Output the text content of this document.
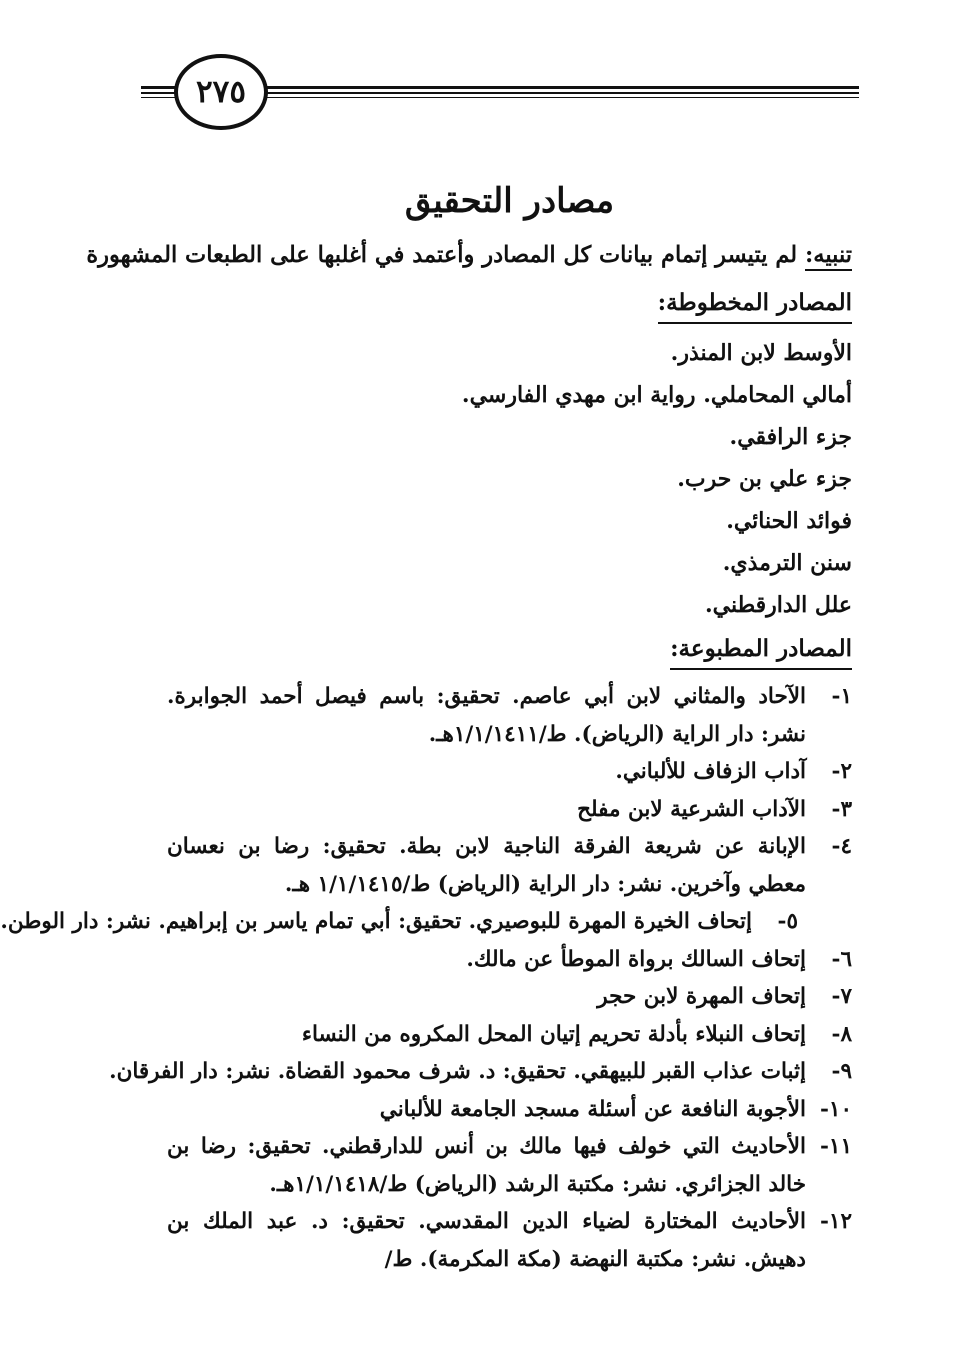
٢٧٥
مصادر التحقيق

تنبيه: لم يتيسر إتمام بيانات كل المصادر وأعتمد في أغلبها على الطبعات المشهورة

المصادر المخطوطة:
الأوسط لابن المنذر.
أمالي المحاملي. رواية ابن مهدي الفارسي.
جزء الرافقي.
جزء علي بن حرب.
فوائد الحنائي.
سنن الترمذي.
علل الدارقطني.
المصادر المطبوعة:
١-
الآحاد والمثاني لابن أبي عاصم. تحقيق: باسم فيصل أحمد الجوابرة. نشر: دار الراية (الرياض). ط/١/١/١٤١١هـ.
٢-
آداب الزفاف للألباني.
٣-
الآداب الشرعية لابن مفلح
٤-
الإبانة عن شريعة الفرقة الناجية لابن بطة. تحقيق: رضا بن نعسان معطي وآخرين. نشر: دار الراية (الرياض) ط/١/١/١٤١٥ هـ.
٥-
إتحاف الخيرة المهرة للبوصيري. تحقيق: أبي تمام ياسر بن إبراهيم. نشر: دار الوطن.
٦-
إتحاف السالك برواة الموطأ عن مالك.
٧-
إتحاف المهرة لابن حجر
٨-
إتحاف النبلاء بأدلة تحريم إتيان المحل المكروه من النساء
٩-
إثبات عذاب القبر للبيهقي. تحقيق: د. شرف محمود القضاة. نشر: دار الفرقان.
١٠-
الأجوبة النافعة عن أسئلة مسجد الجامعة للألباني
١١-
الأحاديث التي خولف فيها مالك بن أنس للدارقطني. تحقيق: رضا بن خالد الجزائري. نشر: مكتبة الرشد (الرياض) ط/١/١/١٤١٨هـ.
١٢-
الأحاديث المختارة لضياء الدين المقدسي. تحقيق: د. عبد الملك بن دهيش. نشر: مكتبة النهضة (مكة المكرمة). ط/
